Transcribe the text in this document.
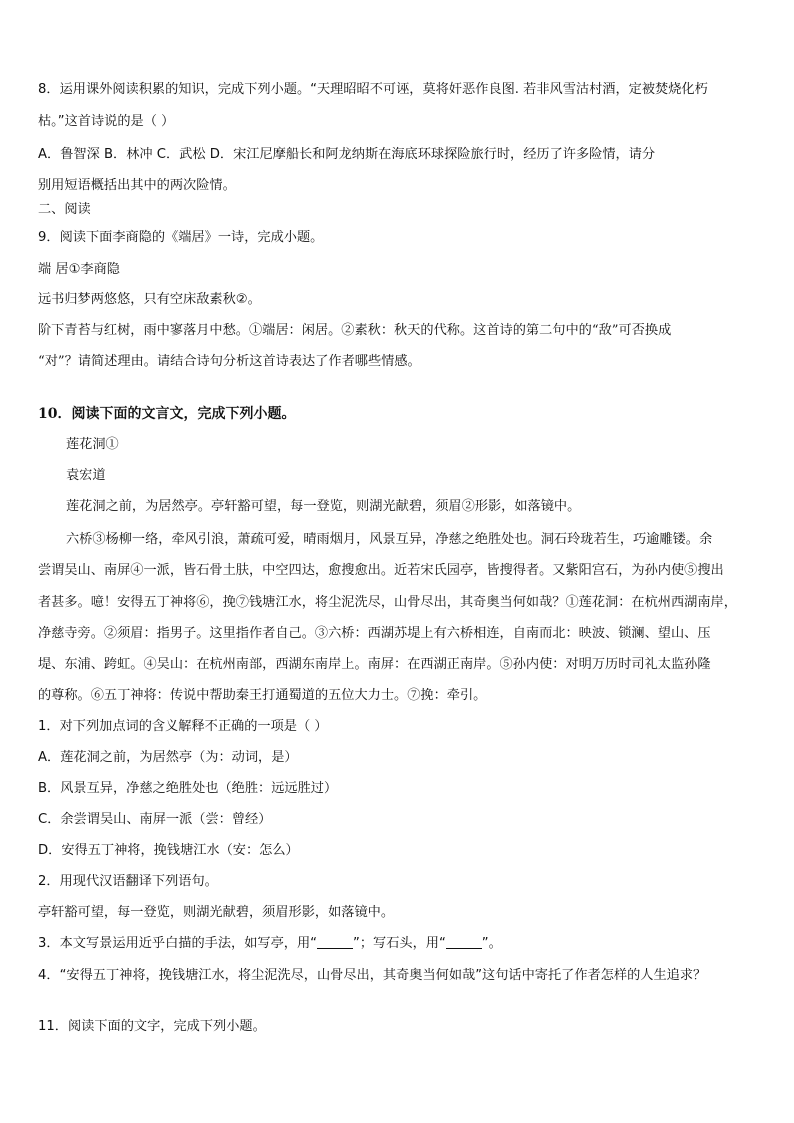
8．运用课外阅读积累的知识，完成下列小题。“天理昭昭不可诬，莫将奸恶作良图. 若非风雪沽村酒，定被焚烧化朽
枯。”这首诗说的是（ ）
A．鲁智深 B．林冲 C．武松 D．宋江尼摩船长和阿龙纳斯在海底环球探险旅行时，经历了许多险情，请分
别用短语概括出其中的两次险情。
二、阅读
9．阅读下面李商隐的《端居》一诗，完成小题。
端 居①李商隐
远书归梦两悠悠，只有空床敌素秋②。
阶下青苔与红树，雨中寥落月中愁。①端居：闲居。②素秋：秋天的代称。这首诗的第二句中的“敌”可否换成
“对”？请简述理由。请结合诗句分析这首诗表达了作者哪些情感。
10．阅读下面的文言文，完成下列小题。
莲花洞①
袁宏道
莲花洞之前，为居然亭。亭轩豁可望，每一登览，则湖光献碧，须眉②形影，如落镜中。
六桥③杨柳一络，牵风引浪，萧疏可爱，晴雨烟月，风景互异，净慈之绝胜处也。洞石玲珑若生，巧逾雕镂。余
尝谓吴山、南屏④一派，皆石骨土肤，中空四达，愈搜愈出。近若宋氏园亭，皆搜得者。又紫阳宫石，为孙内使⑤搜出
者甚多。噫！安得五丁神将⑥，挽⑦钱塘江水，将尘泥洗尽，山骨尽出，其奇奥当何如哉？①莲花洞：在杭州西湖南岸，
净慈寺旁。②须眉：指男子。这里指作者自己。③六桥：西湖苏堤上有六桥相连，自南而北：映波、锁澜、望山、压
堤、东浦、跨虹。④吴山：在杭州南部，西湖东南岸上。南屏：在西湖正南岸。⑤孙内使：对明万历时司礼太监孙隆
的尊称。⑥五丁神将：传说中帮助秦王打通蜀道的五位大力士。⑦挽：牵引。
1．对下列加点词的含义解释不正确的一项是（ ）
A．莲花洞之前，为居然亭（为：动词，是）
B．风景互异，净慈之绝胜处也（绝胜：远远胜过）
C．余尝谓吴山、南屏一派（尝：曾经）
D．安得五丁神将，挽钱塘江水（安：怎么）
2．用现代汉语翻译下列语句。
亭轩豁可望，每一登览，则湖光献碧，须眉形影，如落镜中。
3．本文写景运用近乎白描的手法，如写亭，用“	”；写石头，用“	”。
4．“安得五丁神将，挽钱塘江水，将尘泥洗尽，山骨尽出，其奇奥当何如哉”这句话中寄托了作者怎样的人生追求？
11．阅读下面的文字，完成下列小题。
